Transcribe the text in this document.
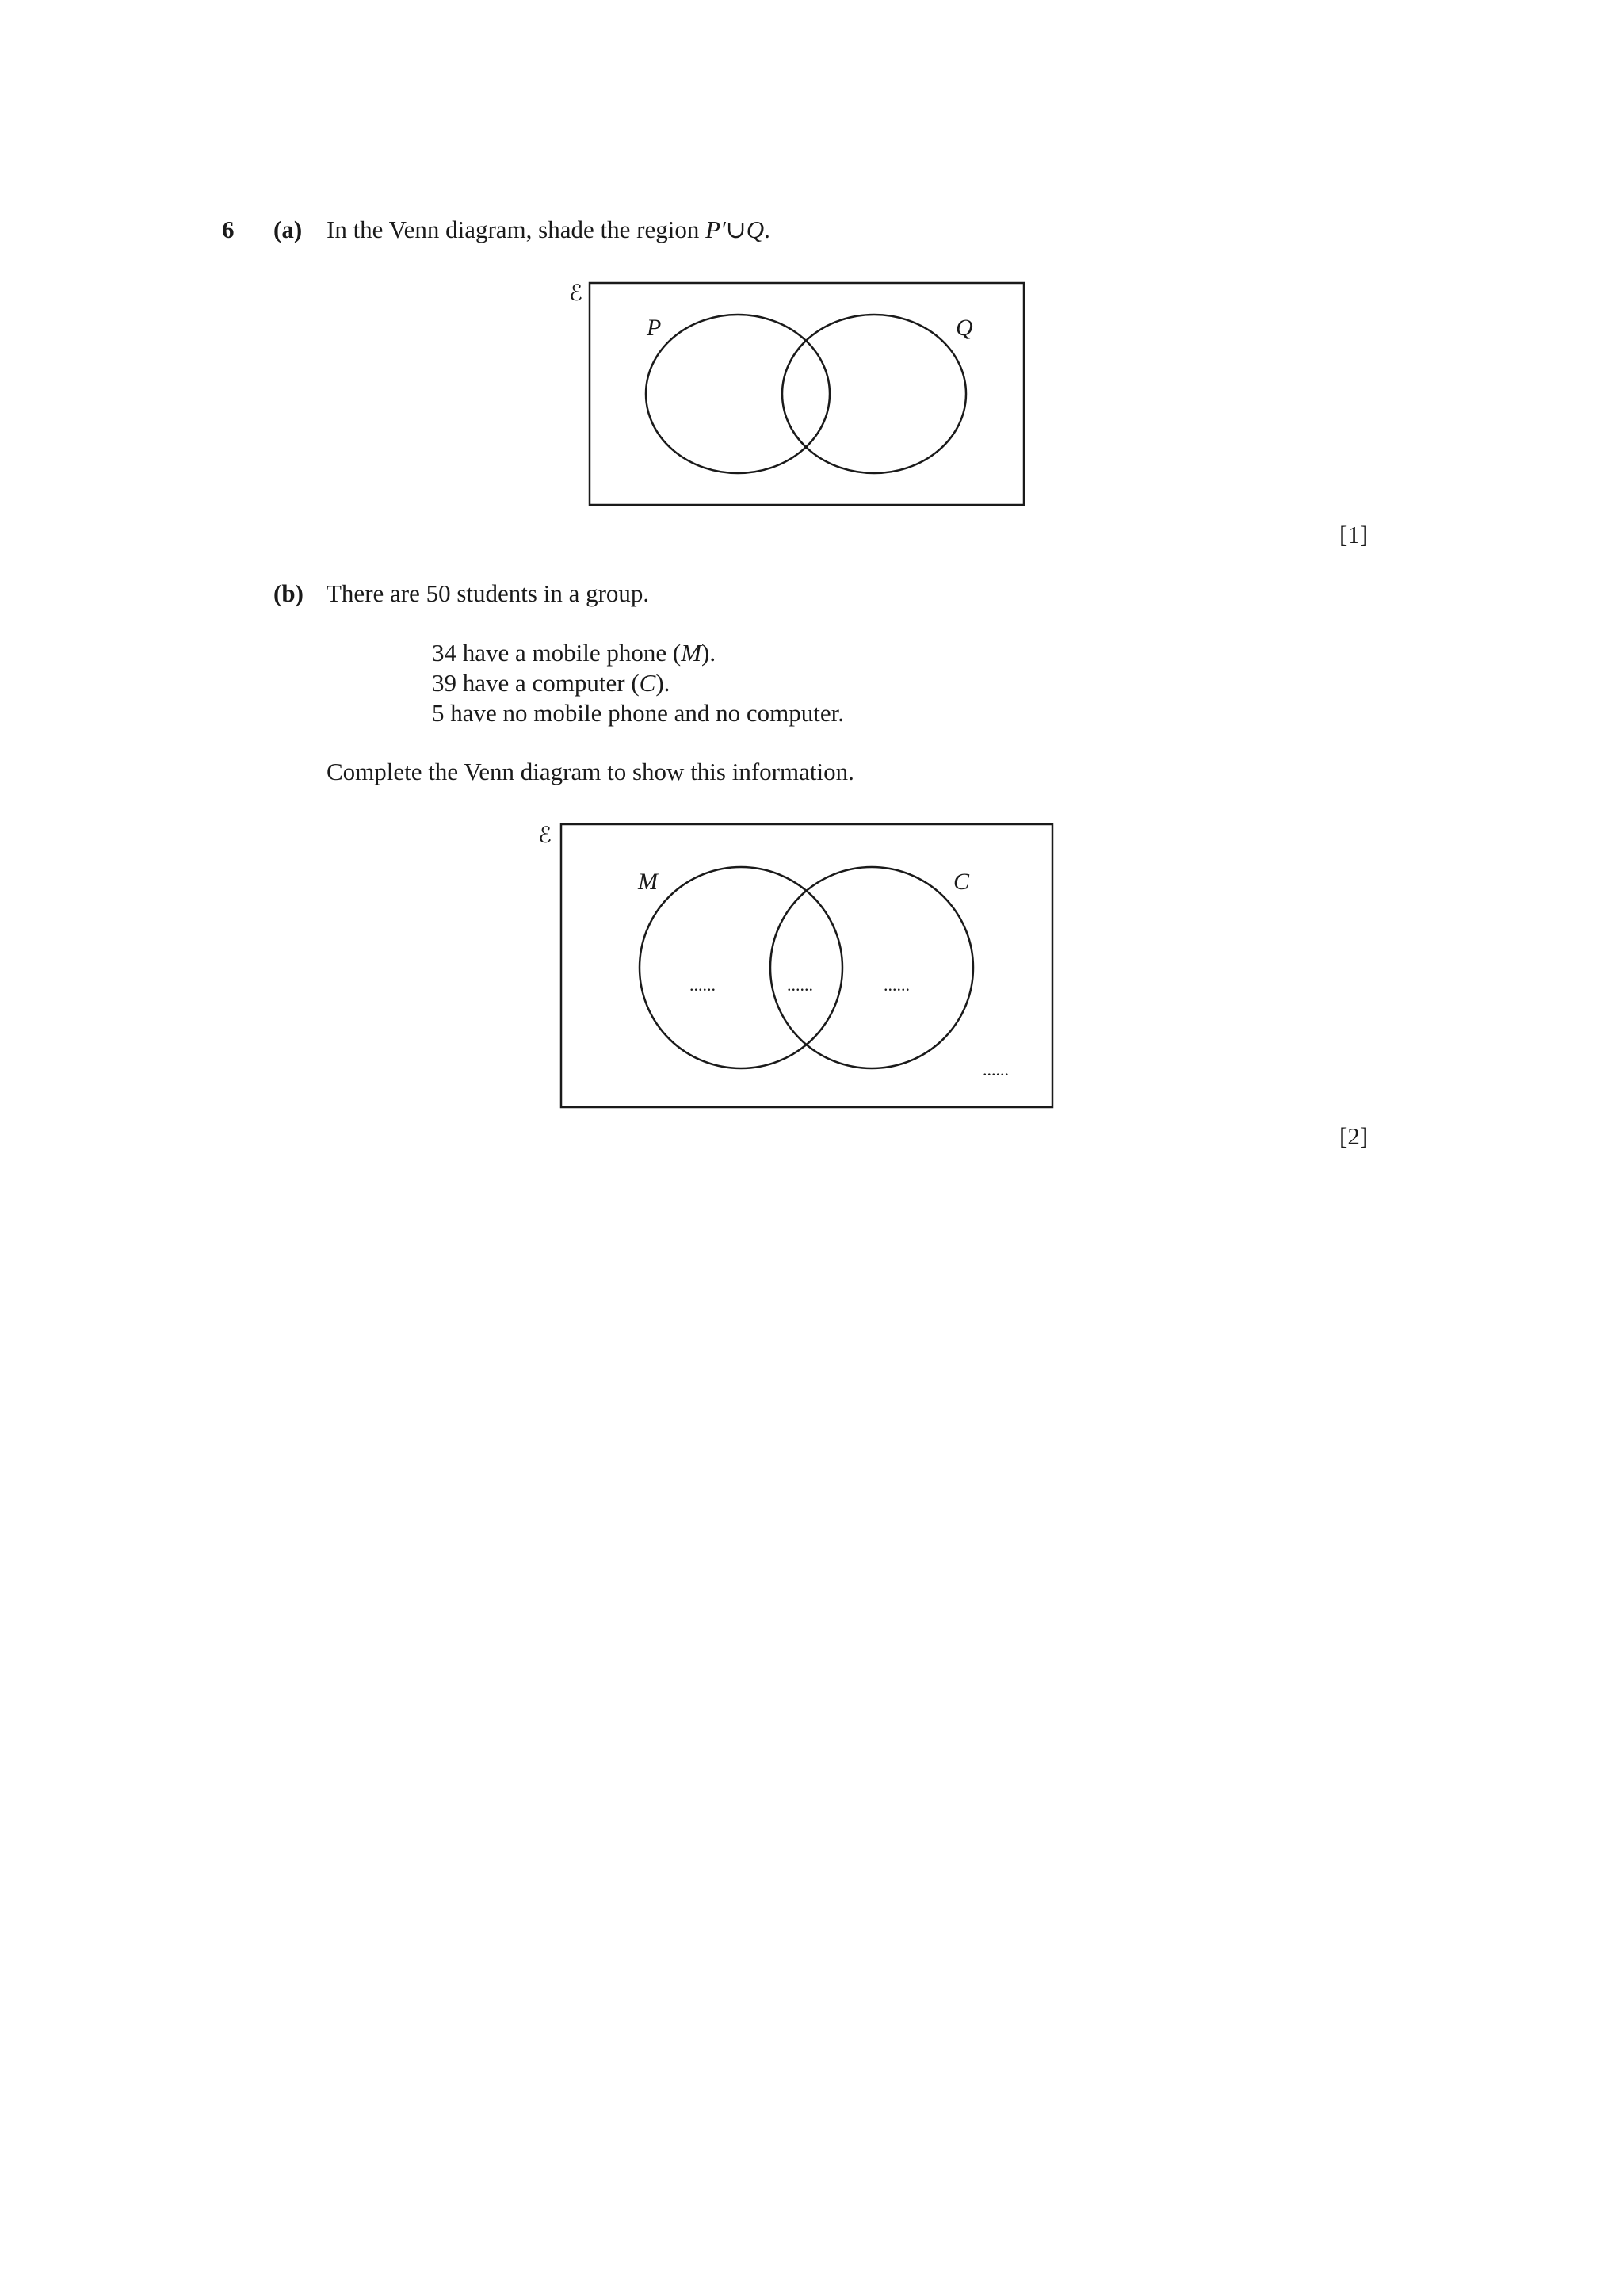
6 (a) In the Venn diagram, shade the region P′∪Q.
ℰ
P	Q
[1]
(b) There are 50 students in a group.
34 have a mobile phone (M).
39 have a computer (C).
5 have no mobile phone and no computer.
Complete the Venn diagram to show this information.
ℰ
M	C
......	......	......
......
[2]
